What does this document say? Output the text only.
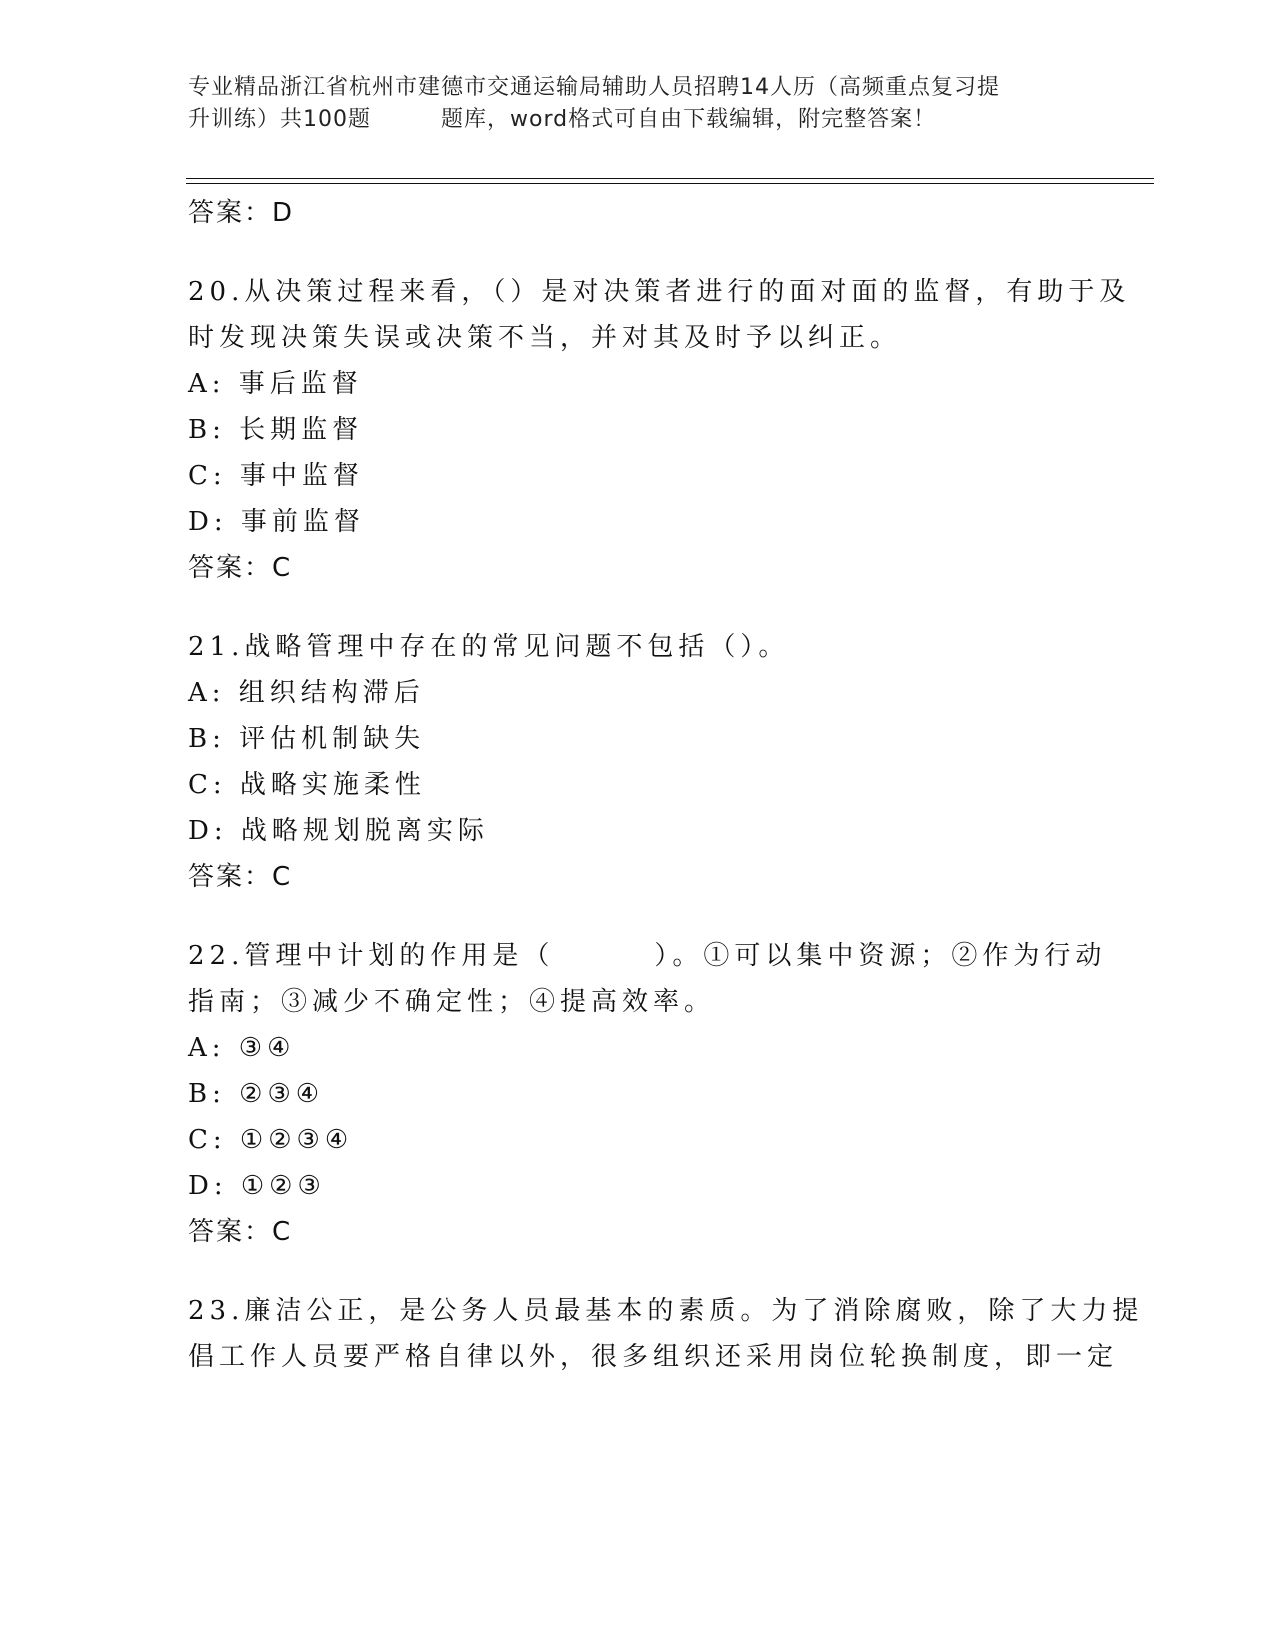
专业精品浙江省杭州市建德市交通运输局辅助人员招聘14人历（高频重点复习提
升训练）共100题	题库，word格式可自由下载编辑，附完整答案！
答案：D
20.从决策过程来看，（）是对决策者进行的面对面的监督，有助于及
时发现决策失误或决策不当，并对其及时予以纠正。
A: 事后监督
B: 长期监督
C: 事中监督
D: 事前监督
答案：C
21.战略管理中存在的常见问题不包括（）。
A: 组织结构滞后
B: 评估机制缺失
C: 战略实施柔性
D: 战略规划脱离实际
答案：C
22.管理中计划的作用是（	）。①可以集中资源；②作为行动
指南；③减少不确定性；④提高效率。
A: ③④
B: ②③④
C: ①②③④
D: ①②③
答案：C
23.廉洁公正，是公务人员最基本的素质。为了消除腐败，除了大力提
倡工作人员要严格自律以外，很多组织还采用岗位轮换制度，即一定
